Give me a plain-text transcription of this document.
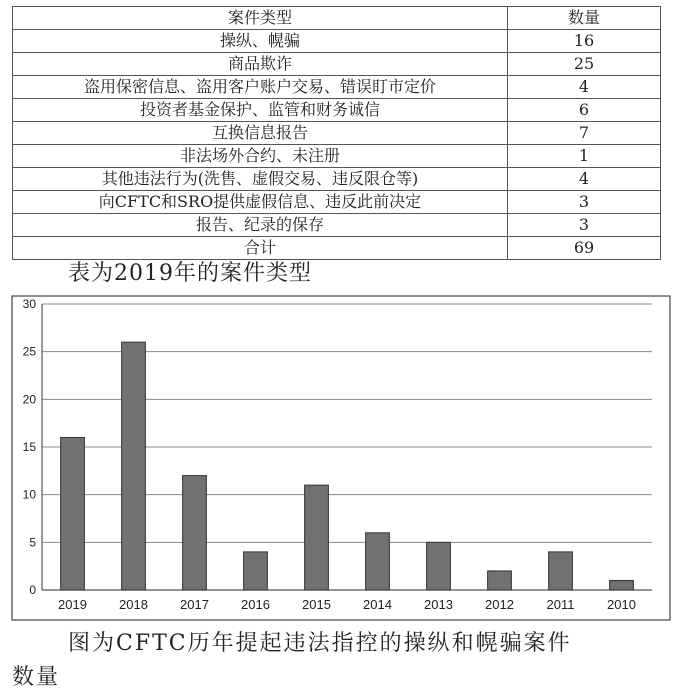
案件类型	数量
操纵、幌骗	16
商品欺诈	25
盗用保密信息、盗用客户账户交易、错误盯市定价	4
投资者基金保护、监管和财务诚信	6
互换信息报告	7
非法场外合约、未注册	1
其他违法行为(洗售、虚假交易、违反限仓等)	4
向CFTC和SRO提供虚假信息、违反此前决定	3
报告、纪录的保存	3
合计	69
表为2019年的案件类型
0
5
10
15
20
25
30
2019 2018 2017 2016 2015 2014 2013 2012	2011	2010
图为CFTC历年提起违法指控的操纵和幌骗案件
数量
